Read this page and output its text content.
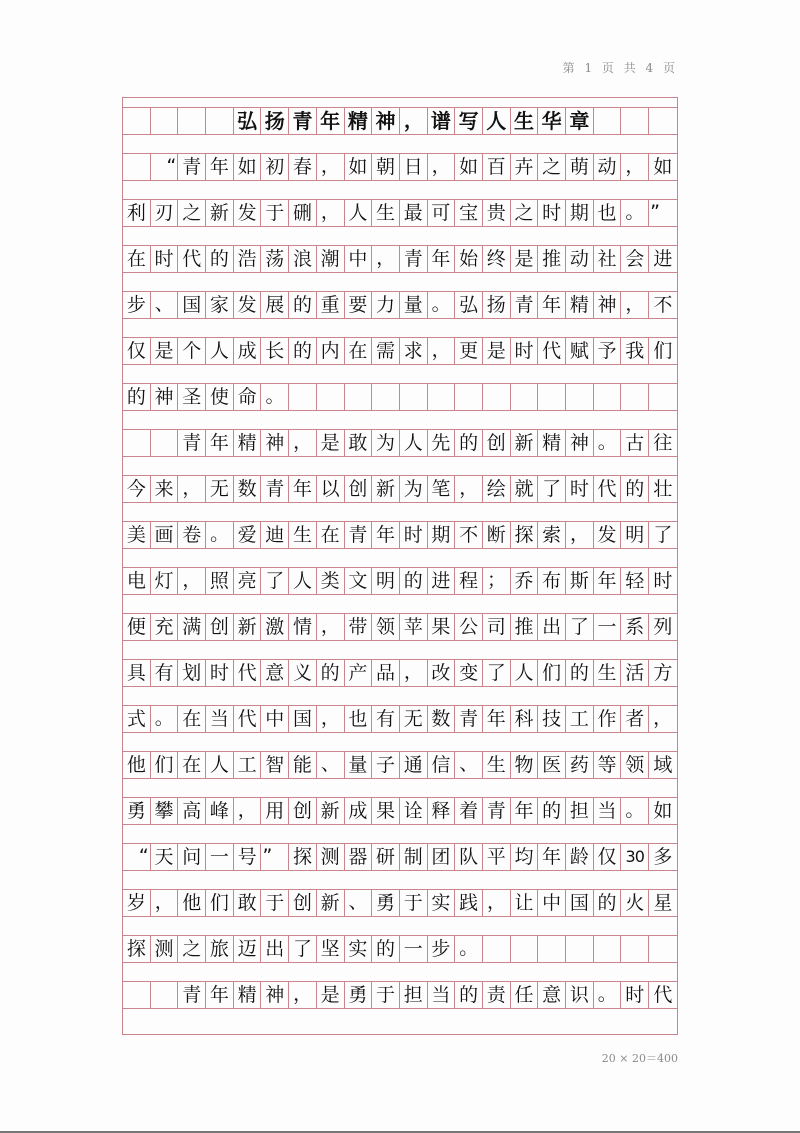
第 1 页 共 4 页
弘 扬 青 年 精 神 ， 谱 写 人 生 华 章
“ 青 年 如 初 春 ， 如 朝 日 ， 如 百 卉 之 萌 动 ， 如
利 刃 之 新 发 于 硎 ， 人 生 最 可 宝 贵 之 时 期 也 。 ”
在 时 代 的 浩 荡 浪 潮 中 ， 青 年 始 终 是 推 动 社 会 进
步 、 国 家 发 展 的 重 要 力 量 。 弘 扬 青 年 精 神 ， 不
仅 是 个 人 成 长 的 内 在 需 求 ， 更 是 时 代 赋 予 我 们
的 神 圣 使 命 。
青 年 精 神 ， 是 敢 为 人 先 的 创 新 精 神 。 古 往
今 来 ， 无 数 青 年 以 创 新 为 笔 ， 绘 就 了 时 代 的 壮
美 画 卷 。 爱 迪 生 在 青 年 时 期 不 断 探 索 ， 发 明 了
电 灯 ， 照 亮 了 人 类 文 明 的 进 程 ； 乔 布 斯 年 轻 时
便 充 满 创 新 激 情 ， 带 领 苹 果 公 司 推 出 了 一 系 列
具 有 划 时 代 意 义 的 产 品 ， 改 变 了 人 们 的 生 活 方
式 。 在 当 代 中 国 ， 也 有 无 数 青 年 科 技 工 作 者 ，
他 们 在 人 工 智 能 、 量 子 通 信 、 生 物 医 药 等 领 域
勇 攀 高 峰 ， 用 创 新 成 果 诠 释 着 青 年 的 担 当 。 如
“ 天 问 一 号 ”	探 测 器 研 制 团 队 平 均 年 龄 仅 30 多
岁 ， 他 们 敢 于 创 新 、 勇 于 实 践 ， 让 中 国 的 火 星
探 测 之 旅 迈 出 了 坚 实 的 一 步 。
青 年 精 神 ， 是 勇 于 担 当 的 责 任 意 识 。 时 代
20 × 20＝400
